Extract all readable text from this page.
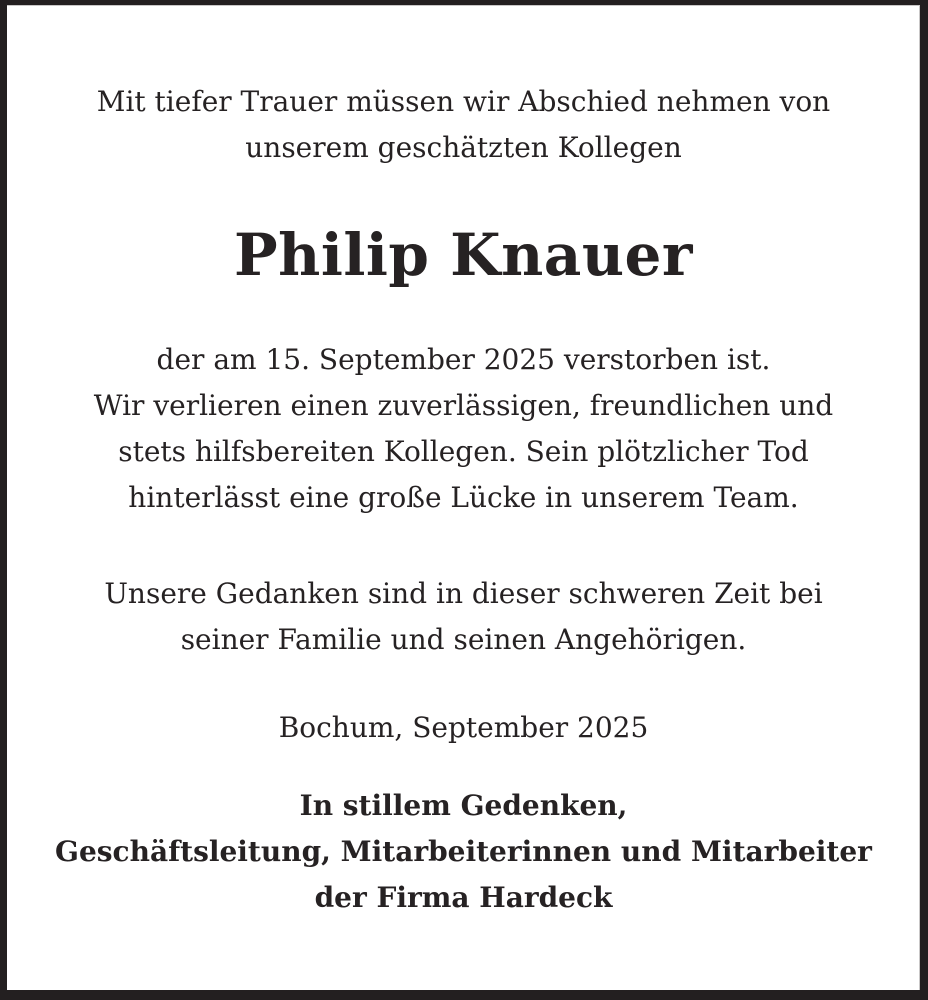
Mit tiefer Trauer müssen wir Abschied nehmen von
unserem geschätzten Kollegen
Philip Knauer
der am 15. September 2025 verstorben ist.
Wir verlieren einen zuverlässigen, freundlichen und
stets hilfsbereiten Kollegen. Sein plötzlicher Tod
hinterlässt eine große Lücke in unserem Team.
Unsere Gedanken sind in dieser schweren Zeit bei
seiner Familie und seinen Angehörigen.
Bochum, September 2025
In stillem Gedenken,
Geschäftsleitung, Mitarbeiterinnen und Mitarbeiter
der Firma Hardeck
